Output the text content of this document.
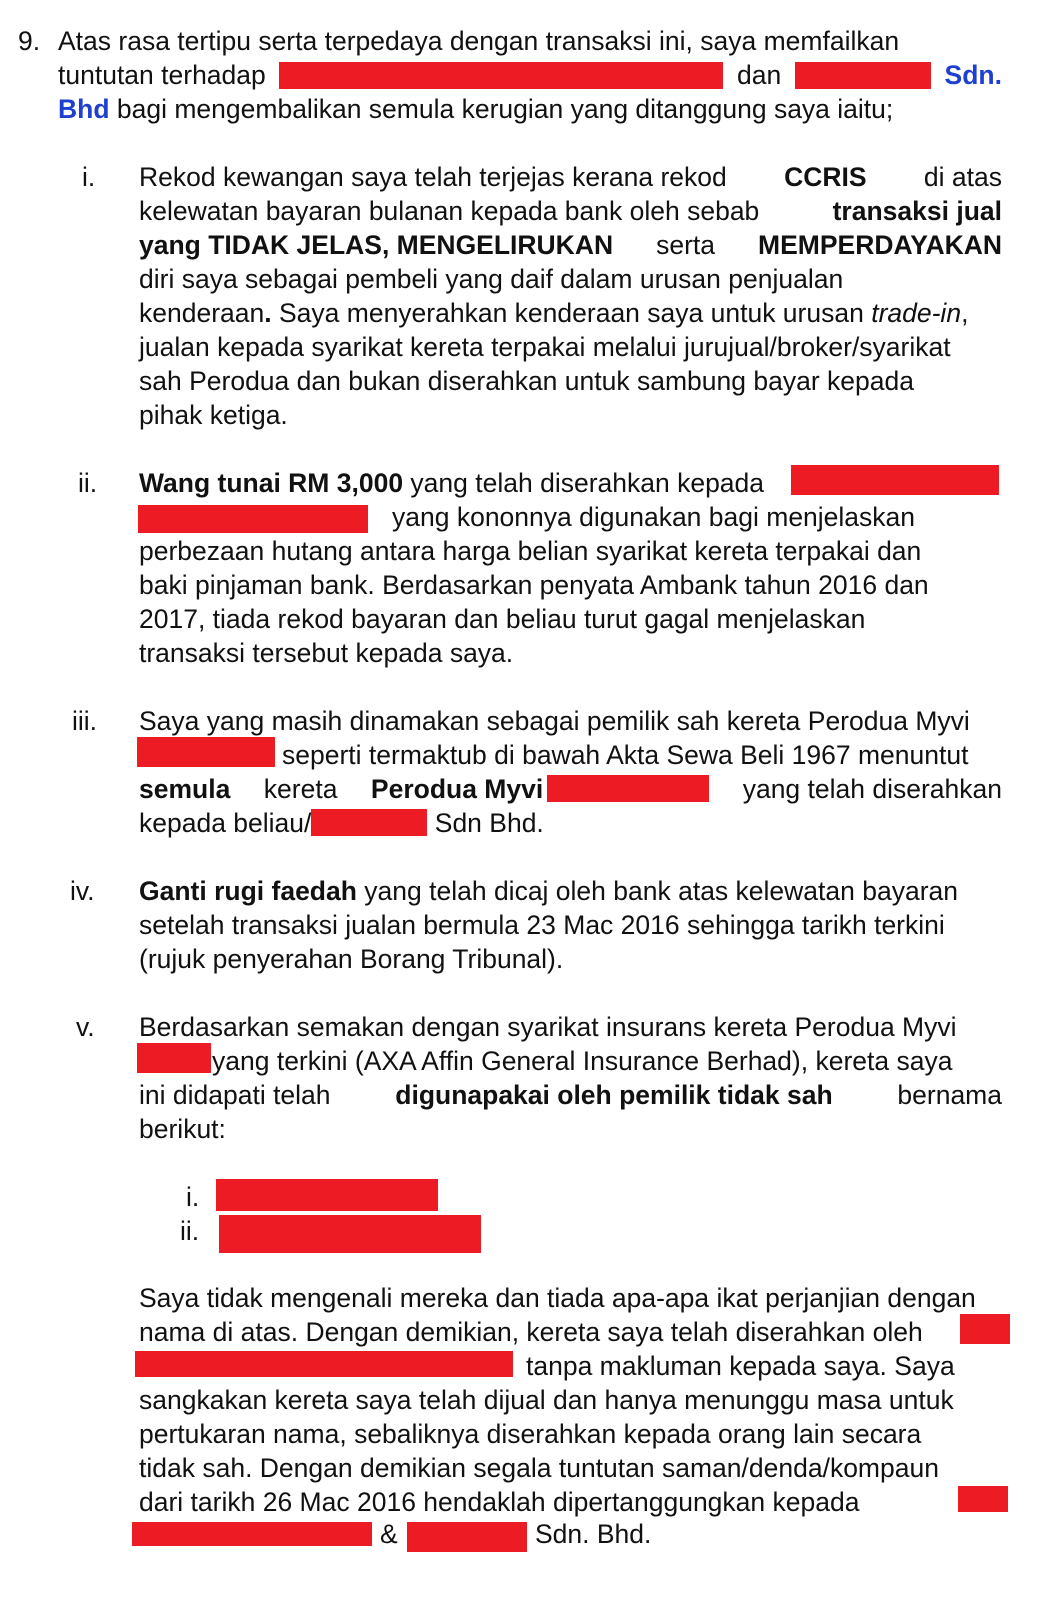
9. Atas rasa tertipu serta terpedaya dengan transaksi ini, saya memfailkan
tuntutan terhadap	dan	Sdn.
Bhd bagi mengembalikan semula kerugian yang ditanggung saya iaitu;
i. Rekod kewangan saya telah terjejas kerana rekod CCRIS di atas
kelewatan bayaran bulanan kepada bank oleh sebab	transaksi jual
yang TIDAK JELAS, MENGELIRUKAN serta MEMPERDAYAKAN
diri saya sebagai pembeli yang daif dalam urusan penjualan
kenderaan. Saya menyerahkan kenderaan saya untuk urusan trade-in,
jualan kepada syarikat kereta terpakai melalui jurujual/broker/syarikat
sah Perodua dan bukan diserahkan untuk sambung bayar kepada
pihak ketiga.
ii. Wang tunai RM 3,000 yang telah diserahkan kepada
yang kononnya digunakan bagi menjelaskan
perbezaan hutang antara harga belian syarikat kereta terpakai dan
baki pinjaman bank. Berdasarkan penyata Ambank tahun 2016 dan
2017, tiada rekod bayaran dan beliau turut gagal menjelaskan
transaksi tersebut kepada saya.
iii. Saya yang masih dinamakan sebagai pemilik sah kereta Perodua Myvi
seperti termaktub di bawah Akta Sewa Beli 1967 menuntut
semula kereta Perodua Myvi	yang telah diserahkan
kepada beliau/	Sdn Bhd.
iv. Ganti rugi faedah yang telah dicaj oleh bank atas kelewatan bayaran
setelah transaksi jualan bermula 23 Mac 2016 sehingga tarikh terkini
(rujuk penyerahan Borang Tribunal).
v. Berdasarkan semakan dengan syarikat insurans kereta Perodua Myvi
yang terkini (AXA Affin General Insurance Berhad), kereta saya
ini didapati telah digunapakai oleh pemilik tidak sah bernama
berikut:
i.
ii.
Saya tidak mengenali mereka dan tiada apa-apa ikat perjanjian dengan
nama di atas. Dengan demikian, kereta saya telah diserahkan oleh
tanpa makluman kepada saya. Saya
sangkakan kereta saya telah dijual dan hanya menunggu masa untuk
pertukaran nama, sebaliknya diserahkan kepada orang lain secara
tidak sah. Dengan demikian segala tuntutan saman/denda/kompaun
dari tarikh 26 Mac 2016 hendaklah dipertanggungkan kepada
&	Sdn. Bhd.
